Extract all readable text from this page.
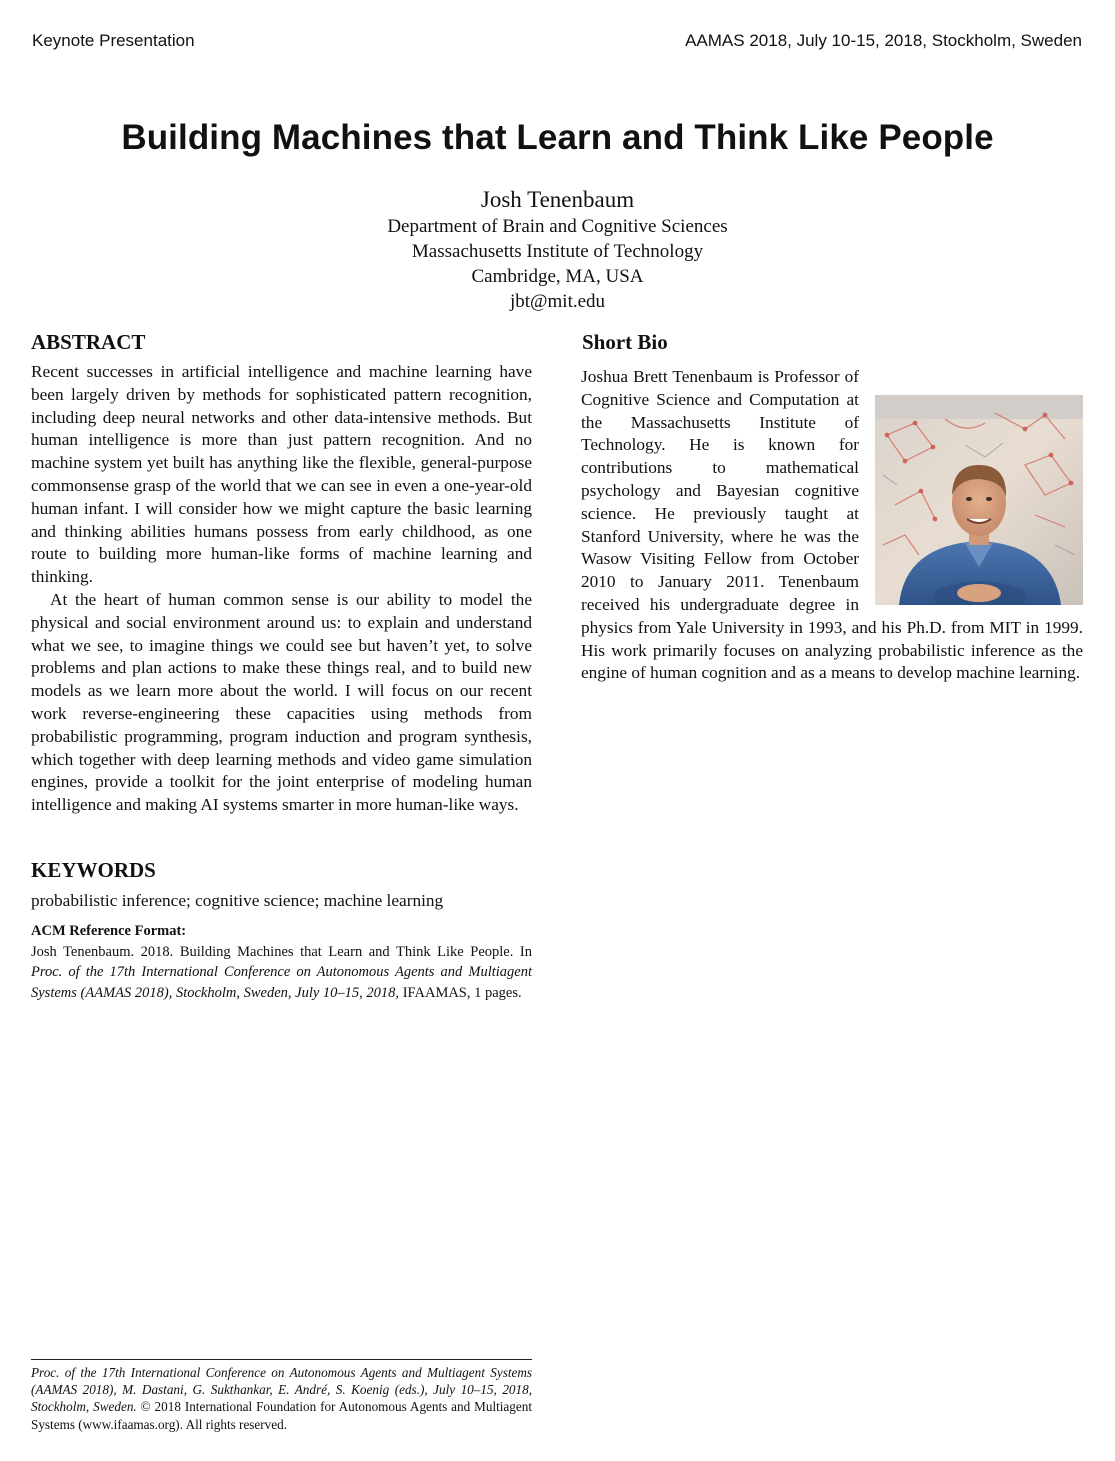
Keynote Presentation	AAMAS 2018, July 10-15, 2018, Stockholm, Sweden
Building Machines that Learn and Think Like People
Josh Tenenbaum
Department of Brain and Cognitive Sciences
Massachusetts Institute of Technology
Cambridge, MA, USA
jbt@mit.edu
ABSTRACT

Recent successes in artificial intelligence and machine learning have been largely driven by methods for sophisticated pattern recognition, including deep neural networks and other data-intensive methods. But human intelligence is more than just pattern recognition. And no machine system yet built has anything like the flexible, general-purpose commonsense grasp of the world that we can see in even a one-year-old human infant. I will consider how we might capture the basic learning and thinking abilities humans possess from early childhood, as one route to building more human-like forms of machine learning and thinking.

At the heart of human common sense is our ability to model the physical and social environment around us: to explain and understand what we see, to imagine things we could see but haven’t yet, to solve problems and plan actions to make these things real, and to build new models as we learn more about the world. I will focus on our recent work reverse-engineering these capacities using methods from probabilistic programming, program induction and program synthesis, which together with deep learning methods and video game simulation engines, provide a toolkit for the joint enterprise of modeling human intelligence and making AI systems smarter in more human-like ways.

KEYWORDS
probabilistic inference; cognitive science; machine learning
ACM Reference Format:
Josh Tenenbaum. 2018. Building Machines that Learn and Think Like People. In Proc. of the 17th International Conference on Autonomous Agents and Multiagent Systems (AAMAS 2018), Stockholm, Sweden, July 10–15, 2018, IFAAMAS, 1 pages.
Short Bio
Joshua Brett Tenenbaum is Professor of Cognitive Science and Computation at the Massachusetts Institute of Technology. He is known for contributions to mathematical psychology and Bayesian cognitive science. He previously taught at Stanford University, where he was the Wasow Visiting Fellow from October 2010 to January 2011. Tenenbaum received his undergraduate degree in physics from Yale University in 1993, and his Ph.D. from MIT in 1999. His work primarily focuses on analyzing probabilistic inference as the engine of human cognition and as a means to develop machine learning.

Proc. of the 17th International Conference on Autonomous Agents and Multiagent Systems (AAMAS 2018), M. Dastani, G. Sukthankar, E. André, S. Koenig (eds.), July 10–15, 2018, Stockholm, Sweden. © 2018 International Foundation for Autonomous Agents and Multiagent Systems (www.ifaamas.org). All rights reserved.
